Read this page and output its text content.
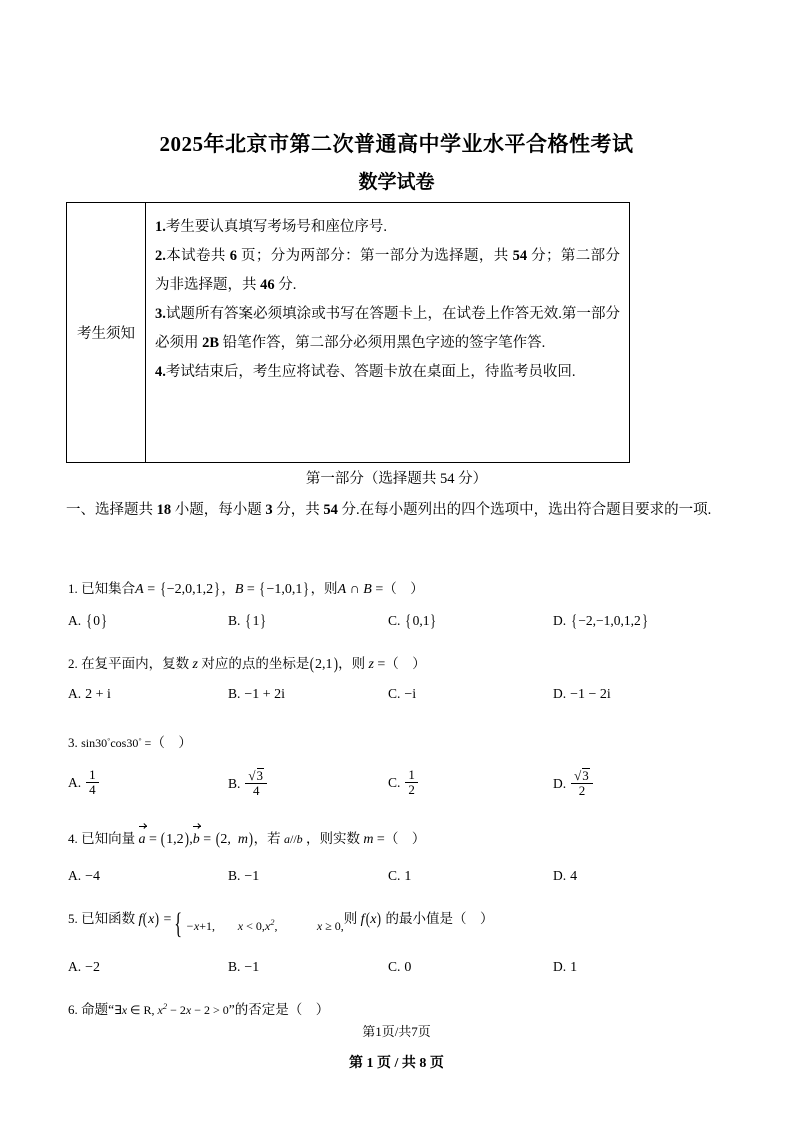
2025年北京市第二次普通高中学业水平合格性考试
数学试卷
考生须知
1.考生要认真填写考场号和座位序号.
2.本试卷共 6 页；分为两部分：第一部分为选择题，共 54 分；第二部分为非选择题，共 46 分.
3.试题所有答案必须填涂或书写在答题卡上，在试卷上作答无效.第一部分必须用 2B 铅笔作答，第二部分必须用黑色字迹的签字笔作答.
4.考试结束后，考生应将试卷、答题卡放在桌面上，待监考员收回.
第一部分（选择题共 54 分）
一、选择题共 18 小题，每小题 3 分，共 54 分.在每小题列出的四个选项中，选出符合题目要求的一项.
1. 已知集合A = {−2,0,1,2}，B = {−1,0,1}，则A ∩ B =（    ）
A. {0}	B. {1}	C. {0,1}	D. {−2,−1,0,1,2}
2. 在复平面内，复数 z 对应的点的坐标是(2,1)，则 z =（    ）
A. 2 + i	B. −1 + 2i	C. −i	D. −1 − 2i
3. sin30◦cos30◦ =（    ）
A. $\frac{1}{4}$	B. $\frac{√3}{4}$	C. $\frac{1}{2}$	D. $\frac{√3}{2}$
4. 已知向量 a = (1,2),b = (2,  m)，若 a//b ，则实数 m =（    ）
A. −4	B. −1	C. 1	D. 4
5. 已知函数 f(x) = { −x+1, $x < 0,x^2$,	x ≥ 0,
则 f(x) 的最小值是（    ）
A. −2	B. −1	C. 0	D. 1
6. 命题“∃x ∈ R, $x^2 - 2x - 2 > 0$”的否定是（    ）
第1页/共7页
第 1 页 / 共 8 页
